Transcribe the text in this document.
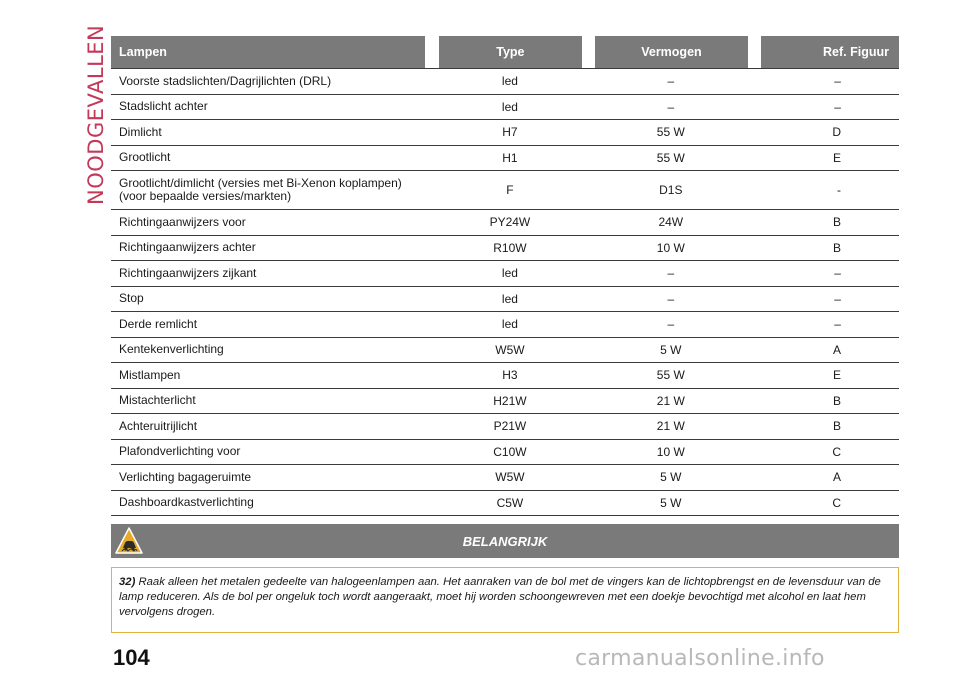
NOODGEVALLEN Lampen	Type	Vermogen	Ref. Figuur
Voorste stadslichten/Dagrijlichten (DRL)	led	–	–
Stadslicht achter	led	–	–
Dimlicht	H7	55 W	D
Grootlicht	H1	55 W	E
Grootlicht/dimlicht (versies met Bi-Xenon koplampen)
(voor bepaalde versies/markten)	F	D1S	-
Richtingaanwijzers voor	PY24W	24W	B
Richtingaanwijzers achter	R10W	10 W	B
Richtingaanwijzers zijkant	led	–	–
Stop	led	–	–
Derde remlicht	led	–	–
Kentekenverlichting	W5W	5 W	A
Mistlampen	H3	55 W	E
Mistachterlicht	H21W	21 W	B
Achteruitrijlicht	P21W	21 W	B
Plafondverlichting voor	C10W	10 W	C
Verlichting bagageruimte	W5W	5 W	A
Dashboardkastverlichting	C5W	5 W	C
BELANGRIJK
32) Raak alleen het metalen gedeelte van halogeenlampen aan. Het aanraken van de bol met de vingers kan de lichtopbrengst en de levensduur van de lamp reduceren. Als de bol per ongeluk toch wordt aangeraakt, moet hij worden schoongewreven met een doekje bevochtigd met alcohol en laat hem vervolgens drogen.
104	carmanualsonline.info
